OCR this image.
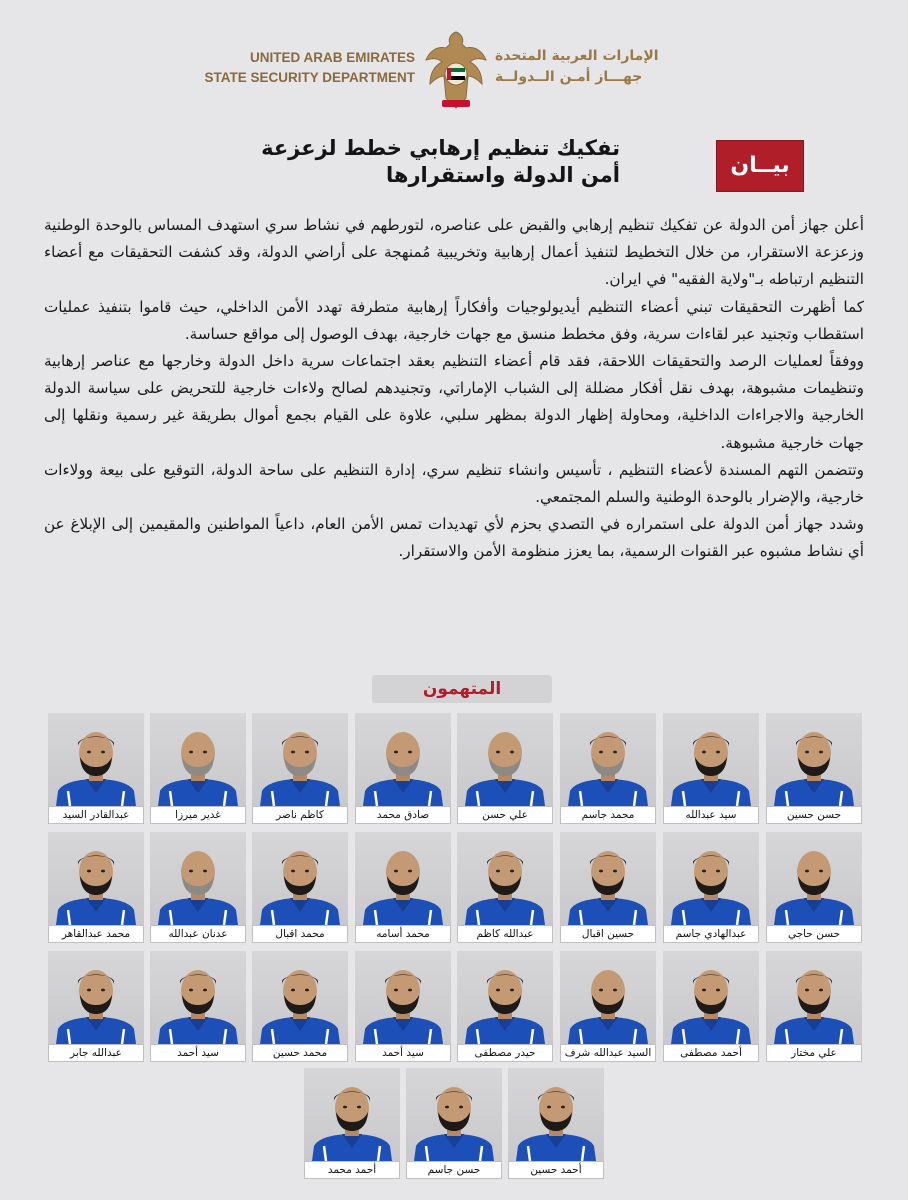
UNITED ARAB EMIRATES
STATE SECURITY DEPARTMENT
الإمارات العربية المتحدة
جهـــاز أمـن الــدولــة
بيــان
تفكيك تنظيم إرهابي خطط لزعزعة
أمن الدولة واستقرارها

أعلن جهاز أمن الدولة عن تفكيك تنظيم إرهابي والقبض على عناصره، لتورطهم في نشاط سري استهدف المساس بالوحدة الوطنية وزعزعة الاستقرار، من خلال التخطيط لتنفيذ أعمال إرهابية وتخريبية مُمنهجة على أراضي الدولة، وقد كشفت التحقيقات مع أعضاء التنظيم ارتباطه بـ"ولاية الفقيه" في ايران.

كما أظهرت التحقيقات تبني أعضاء التنظيم أيديولوجيات وأفكاراً إرهابية متطرفة تهدد الأمن الداخلي، حيث قاموا بتنفيذ عمليات استقطاب وتجنيد عبر لقاءات سرية، وفق مخطط منسق مع جهات خارجية، بهدف الوصول إلى مواقع حساسة.

ووفقاً لعمليات الرصد والتحقيقات اللاحقة، فقد قام أعضاء التنظيم بعقد اجتماعات سرية داخل الدولة وخارجها مع عناصر إرهابية وتنظيمات مشبوهة، بهدف نقل أفكار مضللة إلى الشباب الإماراتي، وتجنيدهم لصالح ولاءات خارجية للتحريض على سياسة الدولة الخارجية والاجراءات الداخلية، ومحاولة إظهار الدولة بمظهر سلبي، علاوة على القيام بجمع أموال بطريقة غير رسمية ونقلها إلى جهات خارجية مشبوهة.

وتتضمن التهم المسندة لأعضاء التنظيم ، تأسيس وانشاء تنظيم سري، إدارة التنظيم على ساحة الدولة، التوقيع على بيعة وولاءات خارجية، والإضرار بالوحدة الوطنية والسلم المجتمعي.

وشدد جهاز أمن الدولة على استمراره في التصدي بحزم لأي تهديدات تمس الأمن العام، داعياً المواطنين والمقيمين إلى الإبلاغ عن أي نشاط مشبوه عبر القنوات الرسمية، بما يعزز منظومة الأمن والاستقرار.

المتهمون
حسن حسين
سيد عبدالله
محمد جاسم
علي حسن
صادق محمد
كاظم ناصر
غدير ميرزا
عبدالقادر السيد
حسن حاجي
عبدالهادي جاسم
حسين اقبال
عبدالله كاظم
محمد أسامه
محمد اقبال
عدنان عبدالله
محمد عبدالقاهر
علي مختار
أحمد مصطفى
السيد عبدالله شرف
حيدر مصطفى
سيد أحمد
محمد حسين
سيد أحمد
عبدالله جابر
أحمد حسين
حسن جاسم
أحمد محمد
